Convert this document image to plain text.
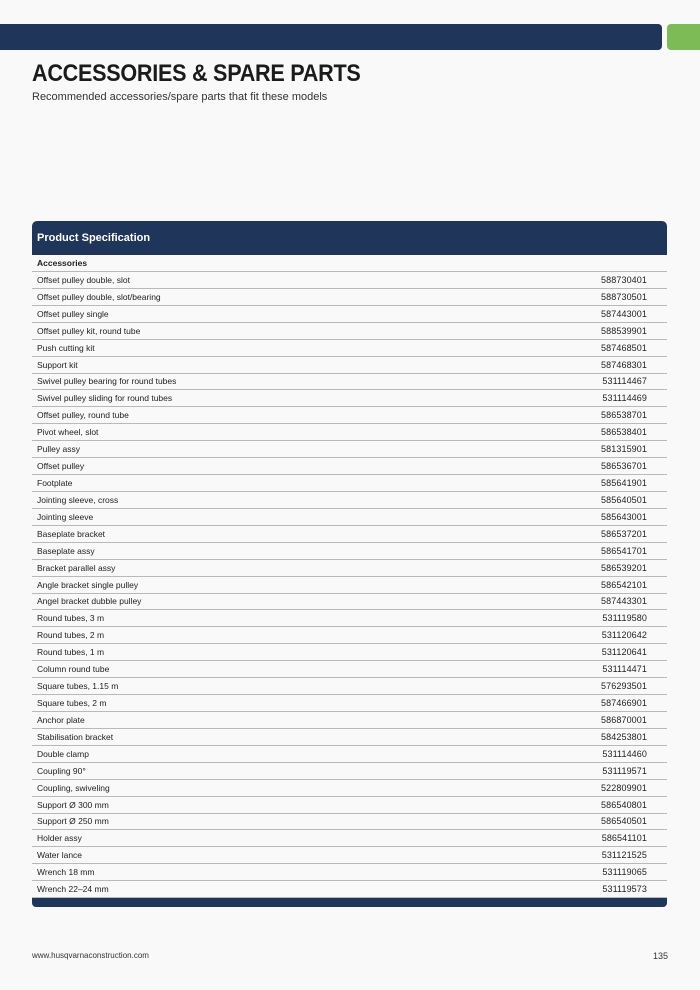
ACCESSORIES & SPARE PARTS

Recommended accessories/spare parts that fit these models

Product Specification
Accessories
Offset pulley double, slot	588730401
Offset pulley double, slot/bearing	588730501
Offset pulley single	587443001
Offset pulley kit, round tube	588539901
Push cutting kit	587468501
Support kit	587468301
Swivel pulley bearing for round tubes	531114467
Swivel pulley sliding for round tubes	531114469
Offset pulley, round tube	586538701
Pivot wheel, slot	586538401
Pulley assy	581315901
Offset pulley	586536701
Footplate	585641901
Jointing sleeve, cross	585640501
Jointing sleeve	585643001
Baseplate bracket	586537201
Baseplate assy	586541701
Bracket parallel assy	586539201
Angle bracket single pulley	586542101
Angel bracket dubble pulley	587443301
Round tubes, 3 m	531119580
Round tubes, 2 m	531120642
Round tubes, 1 m	531120641
Column round tube	531114471
Square tubes, 1.15 m	576293501
Square tubes, 2 m	587466901
Anchor plate	586870001
Stabilisation bracket	584253801
Double clamp	531114460
Coupling 90°	531119571
Coupling, swiveling	522809901
Support Ø 300 mm	586540801
Support Ø 250 mm	586540501
Holder assy	586541101
Water lance	531121525
Wrench 18 mm	531119065
Wrench 22–24 mm	531119573
www.husqvarnaconstruction.com	135
